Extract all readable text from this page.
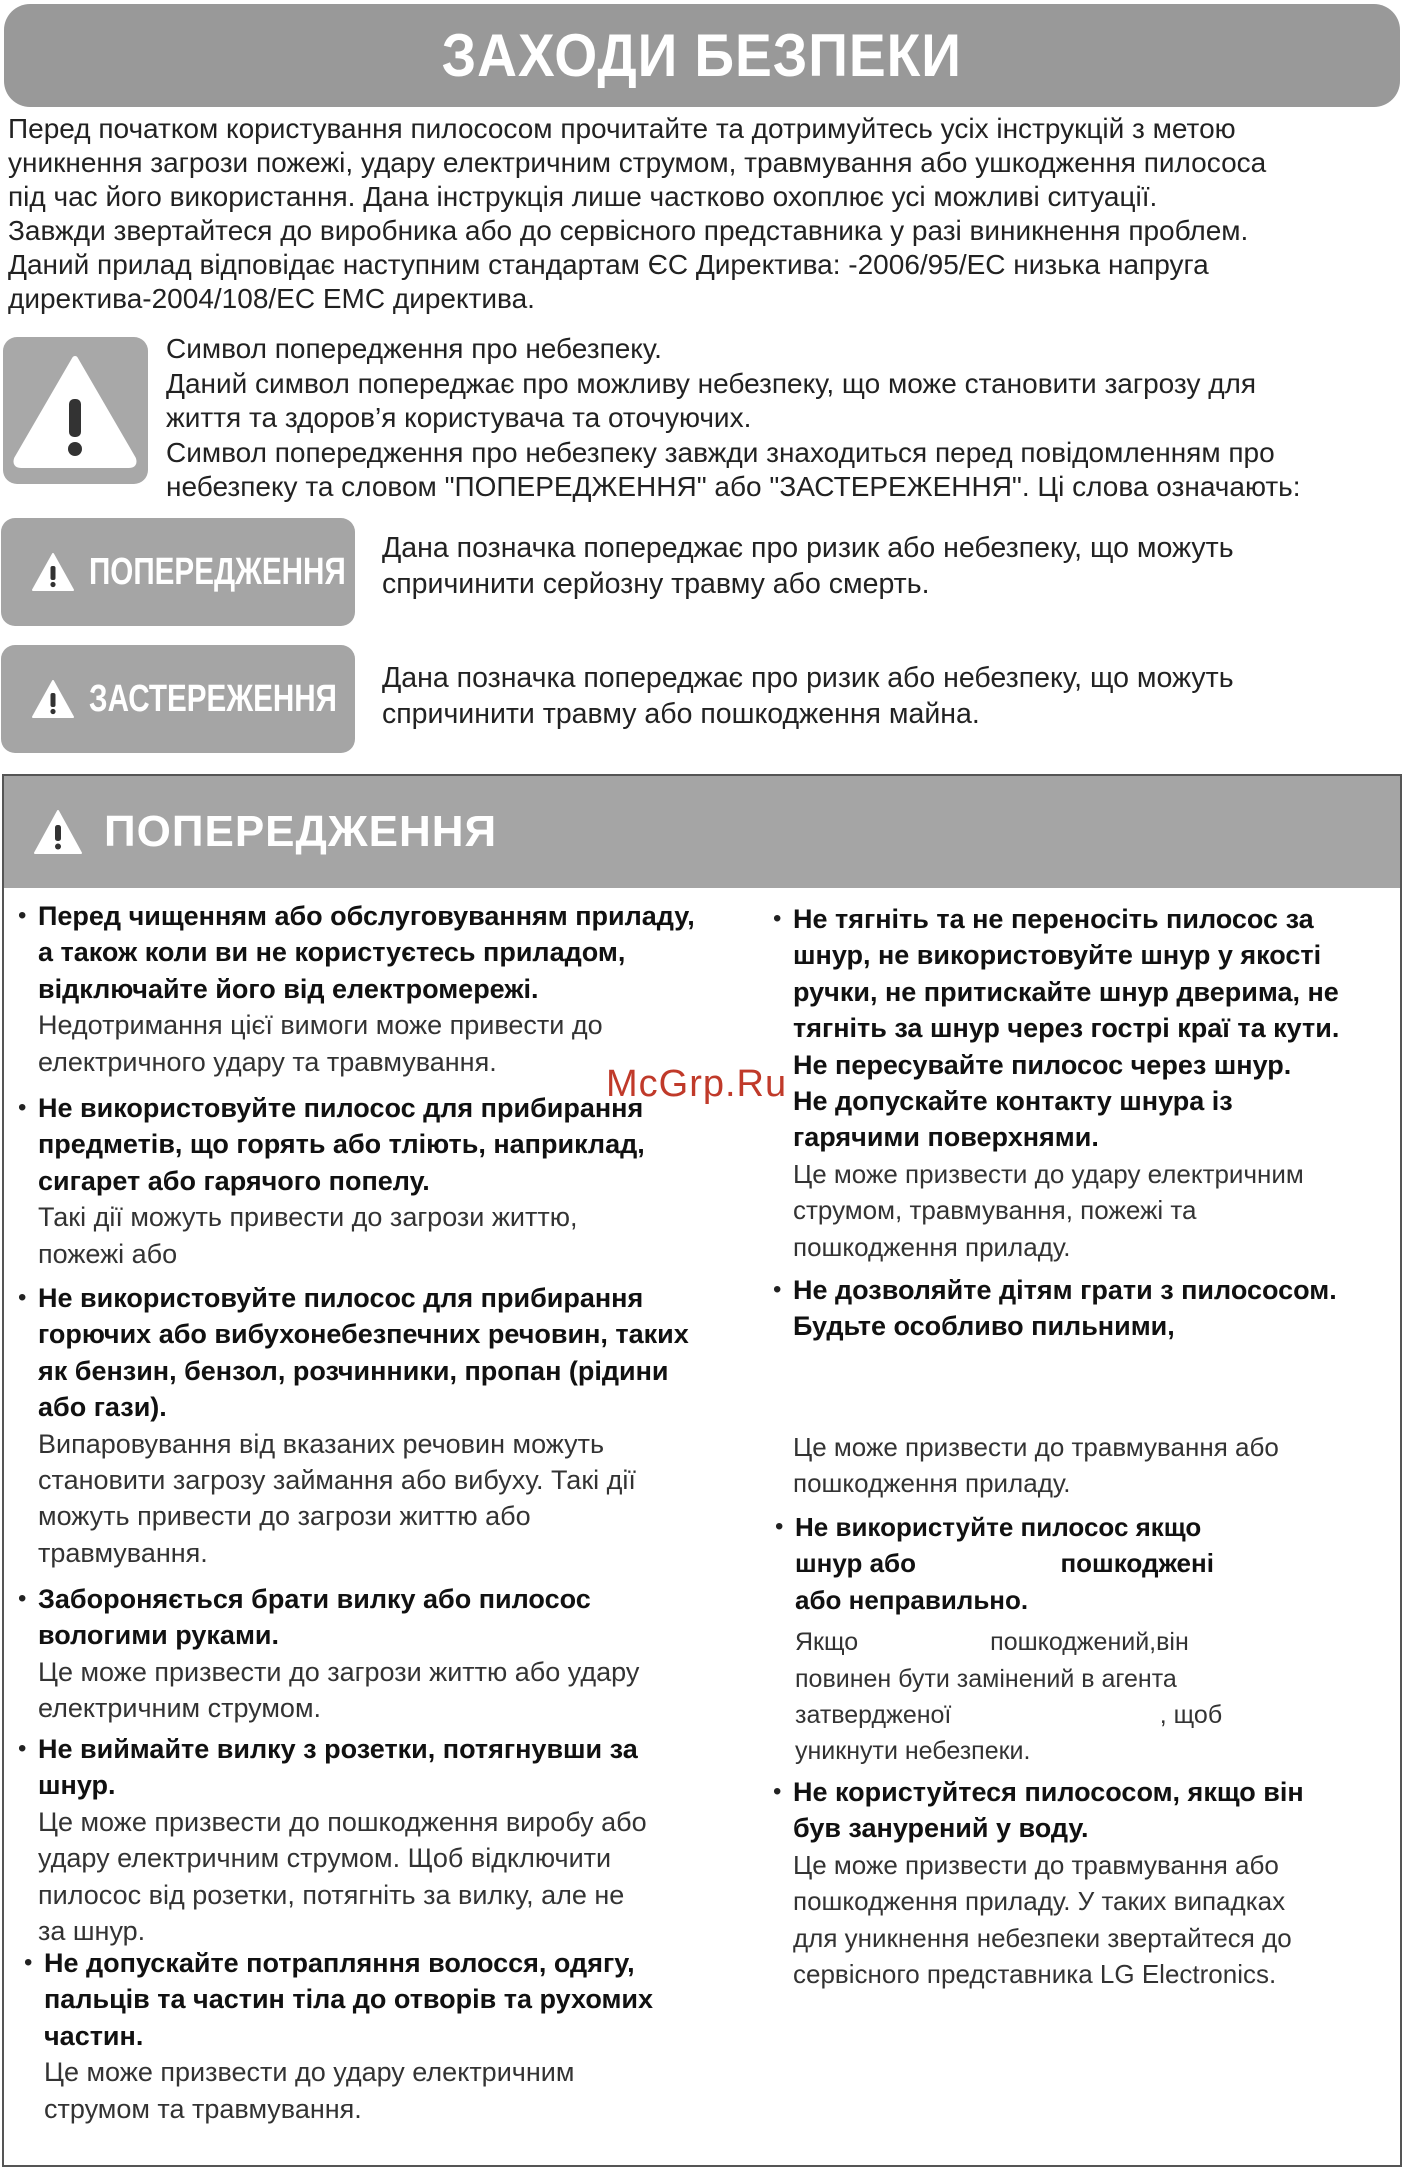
ЗАХОДИ БЕЗПЕКИ

Перед початком користування пилососом прочитайте та дотримуйтесь усіх інструкцій з метою

уникнення загрози пожежі, удару електричним струмом, травмування або ушкодження пилососа

під час його використання. Дана інструкція лише частково охоплює усі можливі ситуації.

Завжди звертайтеся до виробника або до сервісного представника у разі виникнення проблем.

Даний прилад відповідає наступним стандартам ЄС Директива: -2006/95/EC низька напруга

директива-2004/108/EC EMC директива.

Символ попередження про небезпеку.

Даний символ попереджає про можливу небезпеку, що може становити загрозу для

життя та здоров’я користувача та оточуючих.

Символ попередження про небезпеку завжди знаходиться перед повідомленням про

небезпеку та словом "ПОПЕРЕДЖЕННЯ" або "ЗАСТЕРЕЖЕННЯ". Ці слова означають:

ПОПЕРЕДЖЕННЯ
Дана позначка попереджає про ризик або небезпеку, що можуть
спричинити серйозну травму або смерть.
ЗАСТЕРЕЖЕННЯ Дана позначка попереджає про ризик або небезпеку, що можуть
спричинити травму або пошкодження майна.
ПОПЕРЕДЖЕННЯ
• Перед чищенням або обслуговуванням приладу,
а також коли ви не користуєтесь приладом,
відключайте його від електромережі.
Недотримання цієї вимоги може привести до
електричного удару та травмування.
• Не використовуйте пилосос для прибирання
предметів, що горять або тліють, наприклад,
сигарет або гарячого попелу.
Такі дії можуть привести до загрози життю,
пожежі або
• Не використовуйте пилосос для прибирання
горючих або вибухонебезпечних речовин, таких
як бензин, бензол, розчинники, пропан (рідини
або гази).
Випаровування від вказаних речовин можуть
становити загрозу займання або вибуху. Такі дії
можуть привести до загрози життю або
травмування.
• Забороняється брати вилку або пилосос
вологими руками.
Це може призвести до загрози життю або удару
електричним струмом.
• Не виймайте вилку з розетки, потягнувши за
шнур.
Це може призвести до пошкодження виробу або
удару електричним струмом. Щоб відключити
пилосос від розетки, потягніть за вилку, але не
за шнур.
• Не допускайте потрапляння волосся, одягу,
пальців та частин тіла до отворів та рухомих
частин.
Це може призвести до удару електричним
струмом та травмування.
• Не тягніть та не переносіть пилосос за
шнур, не використовуйте шнур у якості
ручки, не притискайте шнур дверима, не
тягніть за шнур через гострі краї та кути.
Не пересувайте пилосос через шнур.
Не допускайте контакту шнура із
гарячими поверхнями.
Це може призвести до удару електричним
струмом, травмування, пожежі та
пошкодження приладу.
• Не дозволяйте дітям грати з пилососом.
Будьте особливо пильними,
Це може призвести до травмування або
пошкодження приладу.
• Не використуйте пилосос якщо
шнур або                    пошкоджені
або неправильно.
Якщо                   пошкоджений,він
повинен бути замінений в агента
затвердженої                              , щоб
уникнути небезпеки.
• Не користуйтеся пилососом, якщо він
був занурений у воду.
Це може призвести до травмування або
пошкодження приладу. У таких випадках
для уникнення небезпеки звертайтеся до
сервісного представника LG Electronics.
McGrp.Ru
